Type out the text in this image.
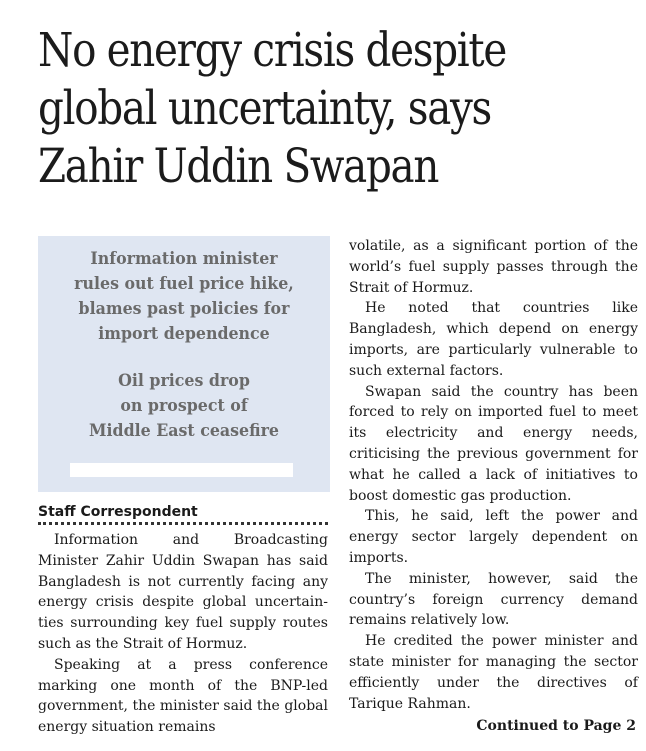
No energy crisis despite
global uncertainty, says
Zahir Uddin Swapan
Information minister
rules out fuel price hike,
blames past policies for
import dependence
Oil prices drop
on prospect of
Middle East ceasefire
Staff Correspondent

Information and Broadcasting Minister Zahir Uddin Swapan has said Bangladesh is not currently facing any energy crisis despite global uncertainties surrounding key fuel supply routes such as the Strait of Hormuz.

Speaking at a press conference marking one month of the BNP-led government, the minister said the global energy situation remains

volatile, as a significant portion of the world’s fuel supply passes through the Strait of Hormuz.

He noted that countries like Bangladesh, which depend on energy imports, are particularly vulnerable to such external factors.

Swapan said the country has been forced to rely on imported fuel to meet its electricity and energy needs, criticising the previous government for what he called a lack of initiatives to boost domestic gas production.

This, he said, left the power and energy sector largely dependent on imports.

The minister, however, said the country’s foreign currency demand remains relatively low.

He credited the power minister and state minister for managing the sector efficiently under the directives of Tarique Rahman.

Continued to Page 2
